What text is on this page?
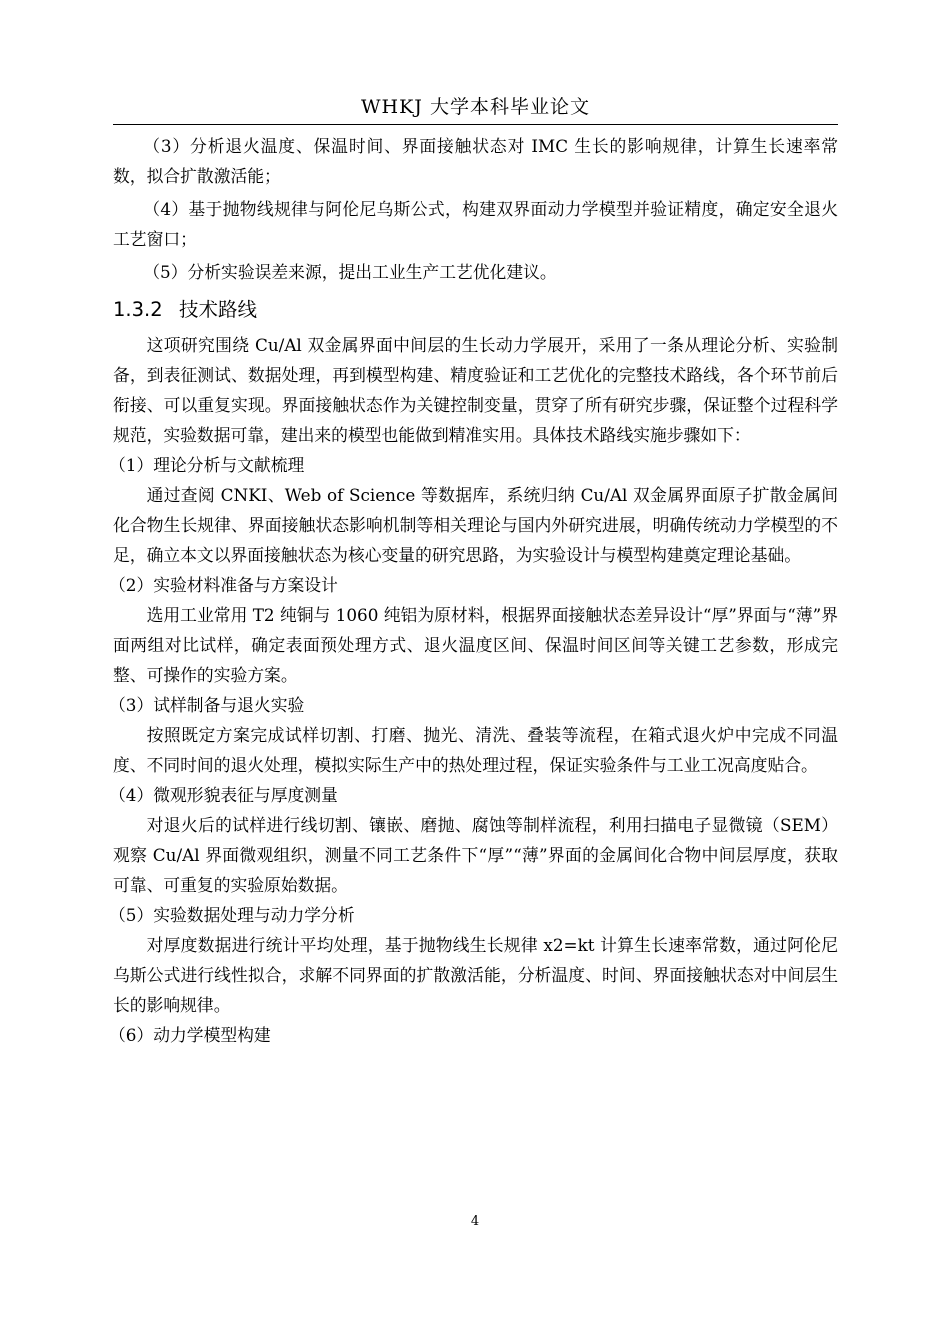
WHKJ 大学本科毕业论文

（3）分析退火温度、保温时间、界面接触状态对 IMC 生长的影响规律，计算生长速率常数，拟合扩散激活能；

（4）基于抛物线规律与阿伦尼乌斯公式，构建双界面动力学模型并验证精度，确定安全退火工艺窗口；

（5）分析实验误差来源，提出工业生产工艺优化建议。

1.3.2 技术路线

这项研究围绕 Cu/Al 双金属界面中间层的生长动力学展开，采用了一条从理论分析、实验制备，到表征测试、数据处理，再到模型构建、精度验证和工艺优化的完整技术路线，各个环节前后衔接、可以重复实现。界面接触状态作为关键控制变量，贯穿了所有研究步骤，保证整个过程科学规范，实验数据可靠，建出来的模型也能做到精准实用。具体技术路线实施步骤如下：

（1）理论分析与文献梳理

通过查阅 CNKI、Web of Science 等数据库，系统归纳 Cu/Al 双金属界面原子扩散金属间化合物生长规律、界面接触状态影响机制等相关理论与国内外研究进展，明确传统动力学模型的不足，确立本文以界面接触状态为核心变量的研究思路，为实验设计与模型构建奠定理论基础。

（2）实验材料准备与方案设计

选用工业常用 T2 纯铜与 1060 纯铝为原材料，根据界面接触状态差异设计“厚”界面与“薄”界面两组对比试样，确定表面预处理方式、退火温度区间、保温时间区间等关键工艺参数，形成完整、可操作的实验方案。

（3）试样制备与退火实验

按照既定方案完成试样切割、打磨、抛光、清洗、叠装等流程，在箱式退火炉中完成不同温度、不同时间的退火处理，模拟实际生产中的热处理过程，保证实验条件与工业工况高度贴合。

（4）微观形貌表征与厚度测量

对退火后的试样进行线切割、镶嵌、磨抛、腐蚀等制样流程，利用扫描电子显微镜（SEM）观察 Cu/Al 界面微观组织，测量不同工艺条件下“厚”“薄”界面的金属间化合物中间层厚度，获取可靠、可重复的实验原始数据。

（5）实验数据处理与动力学分析

对厚度数据进行统计平均处理，基于抛物线生长规律 x2=kt 计算生长速率常数，通过阿伦尼乌斯公式进行线性拟合，求解不同界面的扩散激活能，分析温度、时间、界面接触状态对中间层生长的影响规律。

（6）动力学模型构建

4
